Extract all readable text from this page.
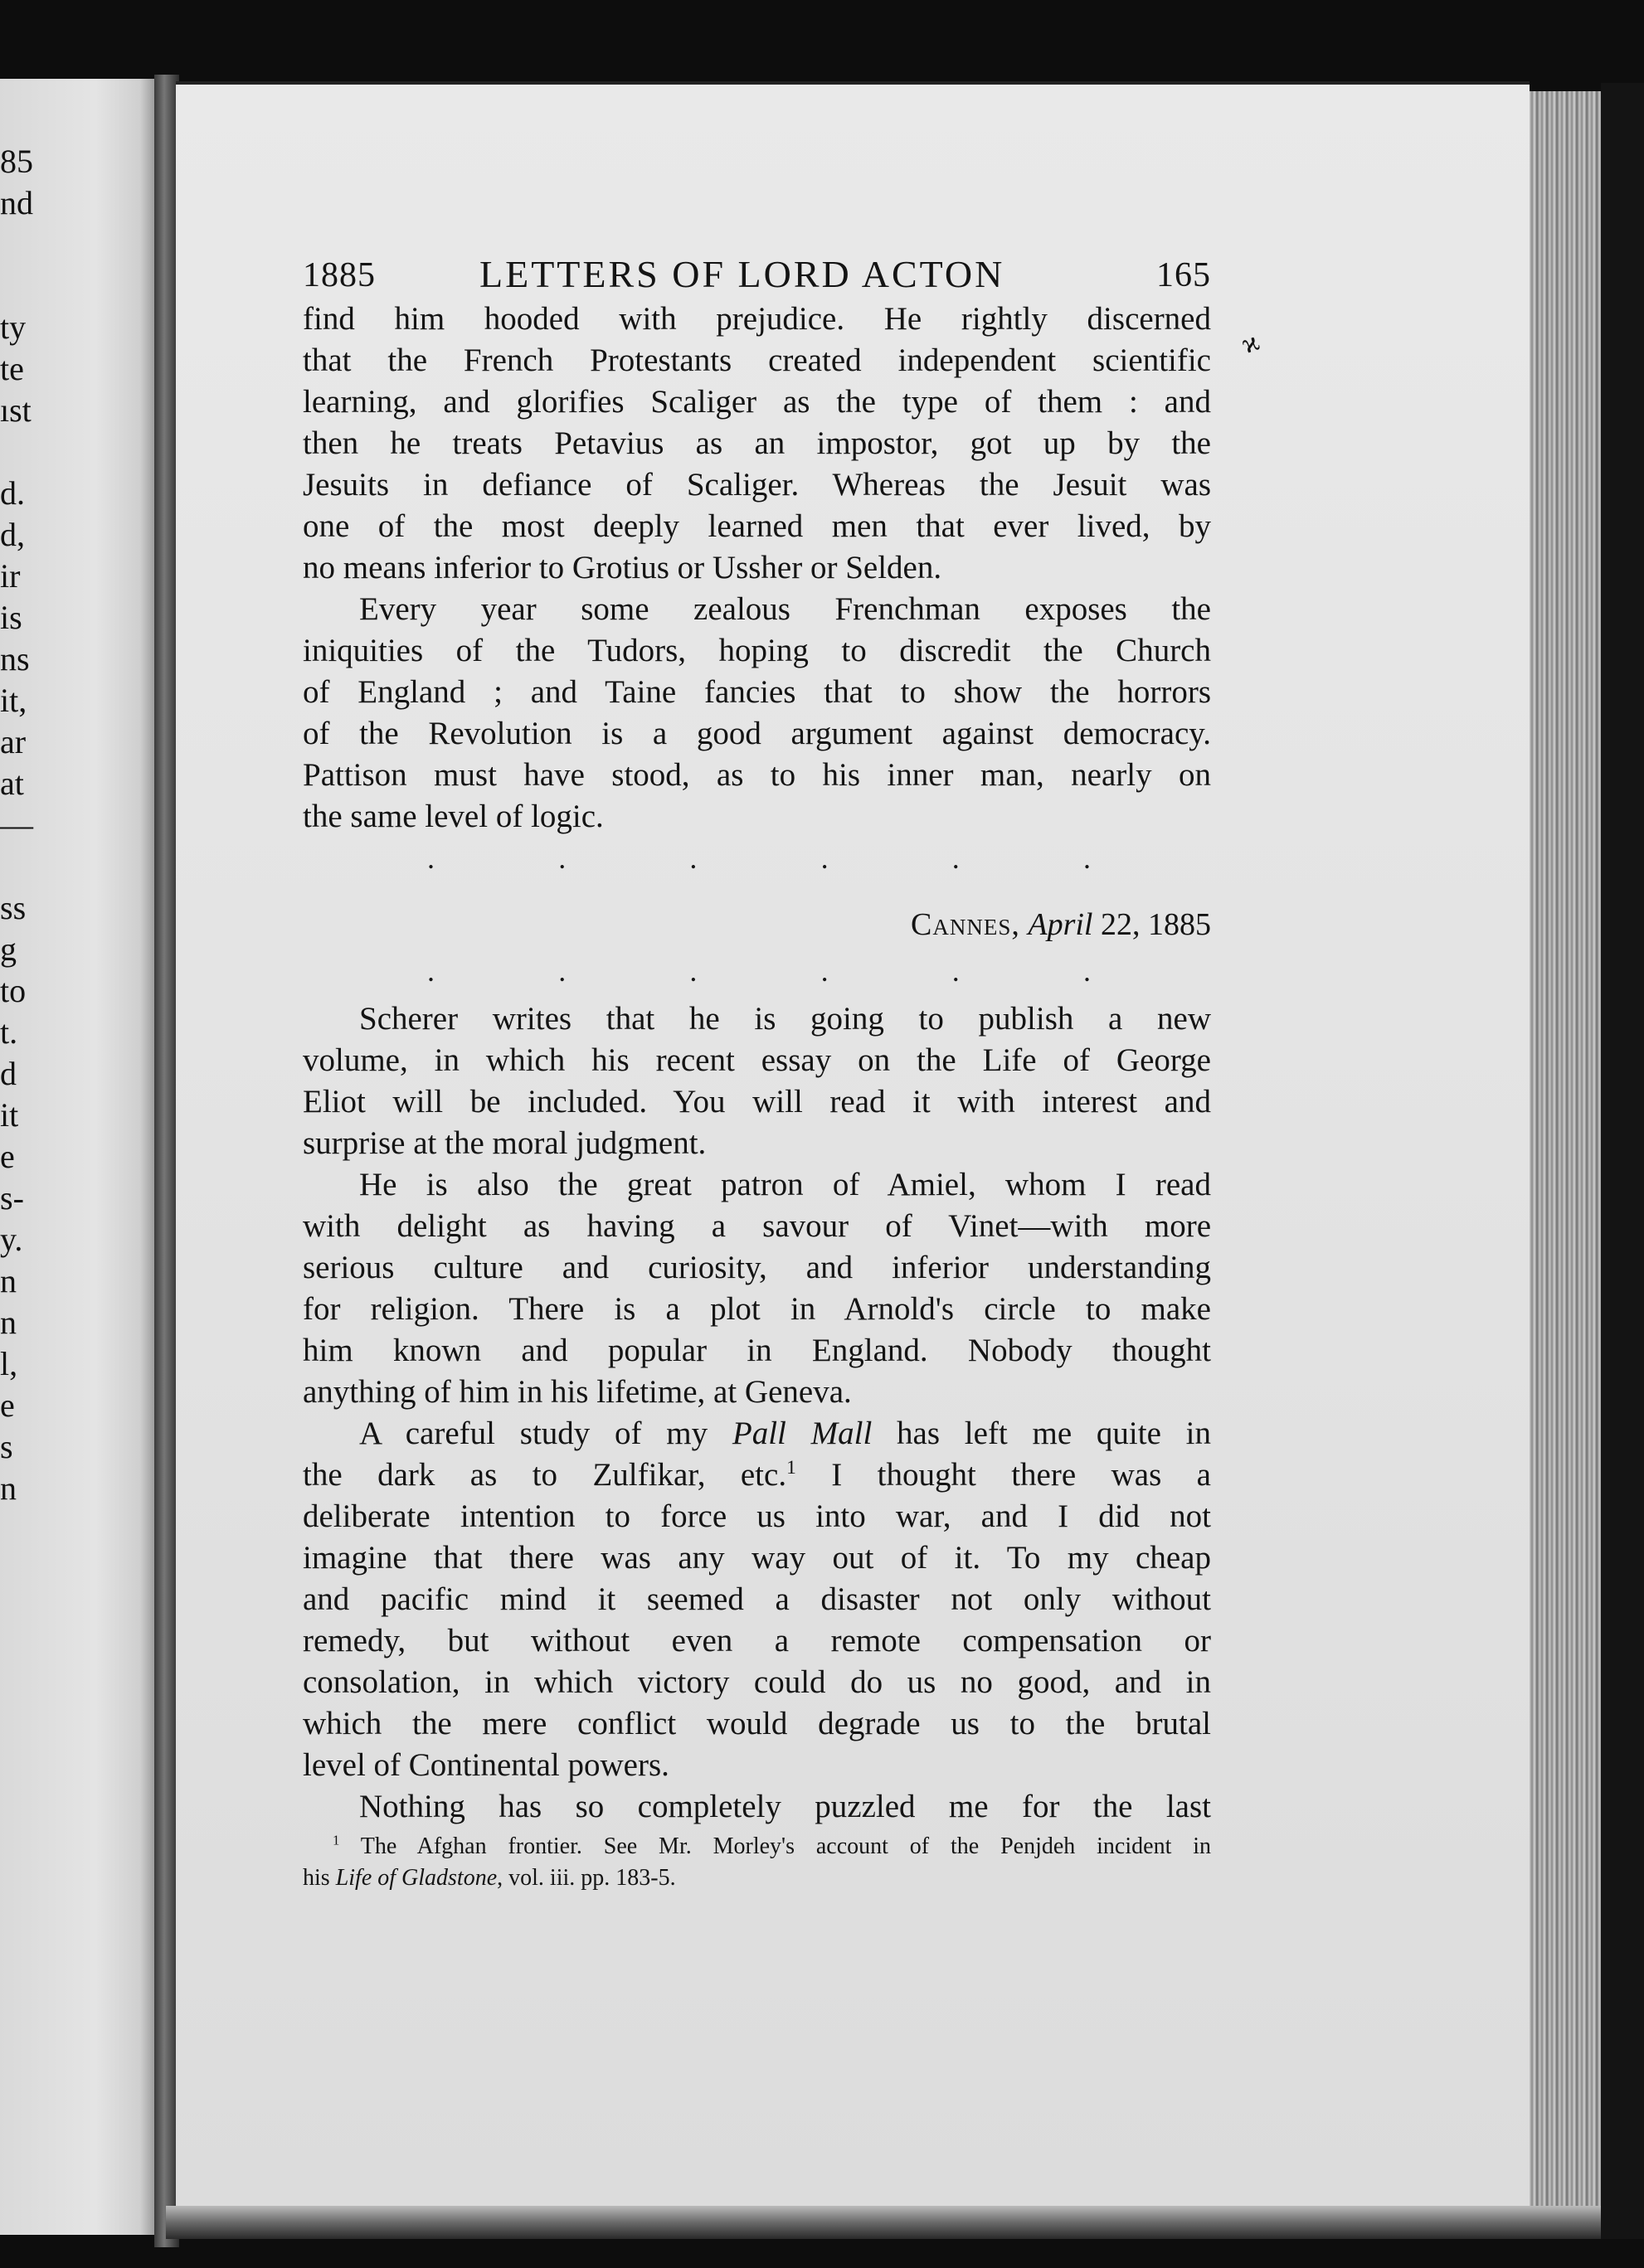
85
nd
ty
te
ıst
d.
d,
ir
is
ns
it,
ar
at
—
ss
g
to
t.
d
it
e
s-
y.
n
n
l,
e
s
n
ϰ
1885	LETTERS OF LORD ACTON	165
find him hooded with prejudice. He rightly discerned
that the French Protestants created independent scientific
learning, and glorifies Scaliger as the type of them : and
then he treats Petavius as an impostor, got up by the
Jesuits in defiance of Scaliger. Whereas the Jesuit was
one of the most deeply learned men that ever lived, by
no means inferior to Grotius or Ussher or Selden.
Every year some zealous Frenchman exposes the
iniquities of the Tudors, hoping to discredit the Church
of England ; and Taine fancies that to show the horrors
of the Revolution is a good argument against democracy.
Pattison must have stood, as to his inner man, nearly on
the same level of logic.
.	.	.	.	.	.
Cannes, April 22, 1885
.	.	.	.	.	.
Scherer writes that he is going to publish a new
volume, in which his recent essay on the Life of George
Eliot will be included. You will read it with interest and
surprise at the moral judgment.
He is also the great patron of Amiel, whom I read
with delight as having a savour of Vinet—with more
serious culture and curiosity, and inferior understanding
for religion. There is a plot in Arnold's circle to make
him known and popular in England. Nobody thought
anything of him in his lifetime, at Geneva.
A careful study of my Pall Mall has left me quite in
the dark as to Zulfikar, etc.$^1$ I thought there was a
deliberate intention to force us into war, and I did not
imagine that there was any way out of it. To my cheap
and pacific mind it seemed a disaster not only without
remedy, but without even a remote compensation or
consolation, in which victory could do us no good, and in
which the mere conflict would degrade us to the brutal
level of Continental powers.
Nothing has so completely puzzled me for the last
$^1$ The Afghan frontier. See Mr. Morley's account of the Penjdeh incident in
his Life of Gladstone, vol. iii. pp. 183-5.
